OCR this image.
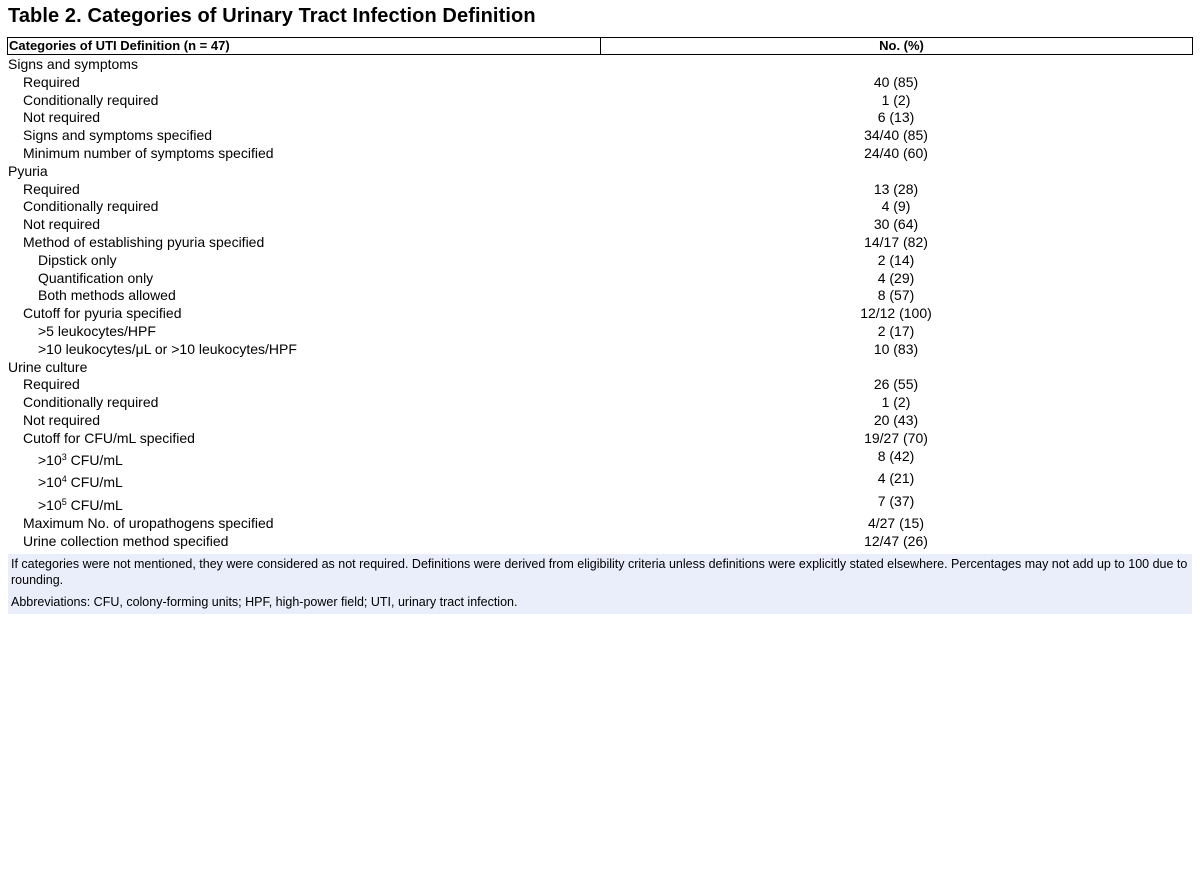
Table 2. Categories of Urinary Tract Infection Definition
Categories of UTI Definition (n = 47)	No. (%)
Signs and symptoms
Required	40 (85)
Conditionally required	1 (2)
Not required	6 (13)
Signs and symptoms specified	34/40 (85)
Minimum number of symptoms specified	24/40 (60)
Pyuria
Required	13 (28)
Conditionally required	4 (9)
Not required	30 (64)
Method of establishing pyuria specified	14/17 (82)
Dipstick only	2 (14)
Quantification only	4 (29)
Both methods allowed	8 (57)
Cutoff for pyuria specified	12/12 (100)
>5 leukocytes/HPF	2 (17)
>10 leukocytes/μL or >10 leukocytes/HPF	10 (83)
Urine culture
Required	26 (55)
Conditionally required	1 (2)
Not required	20 (43)
Cutoff for CFU/mL specified	19/27 (70)
$>10^3$ CFU/mL	8 (42)
$>10^4$ CFU/mL	4 (21)
$>10^5$ CFU/mL	7 (37)
Maximum No. of uropathogens specified	4/27 (15)
Urine collection method specified	12/47 (26)

If categories were not mentioned, they were considered as not required. Definitions were derived from eligibility criteria unless definitions were explicitly stated elsewhere. Percentages may not add up to 100 due to rounding.

Abbreviations: CFU, colony-forming units; HPF, high-power field; UTI, urinary tract infection.
